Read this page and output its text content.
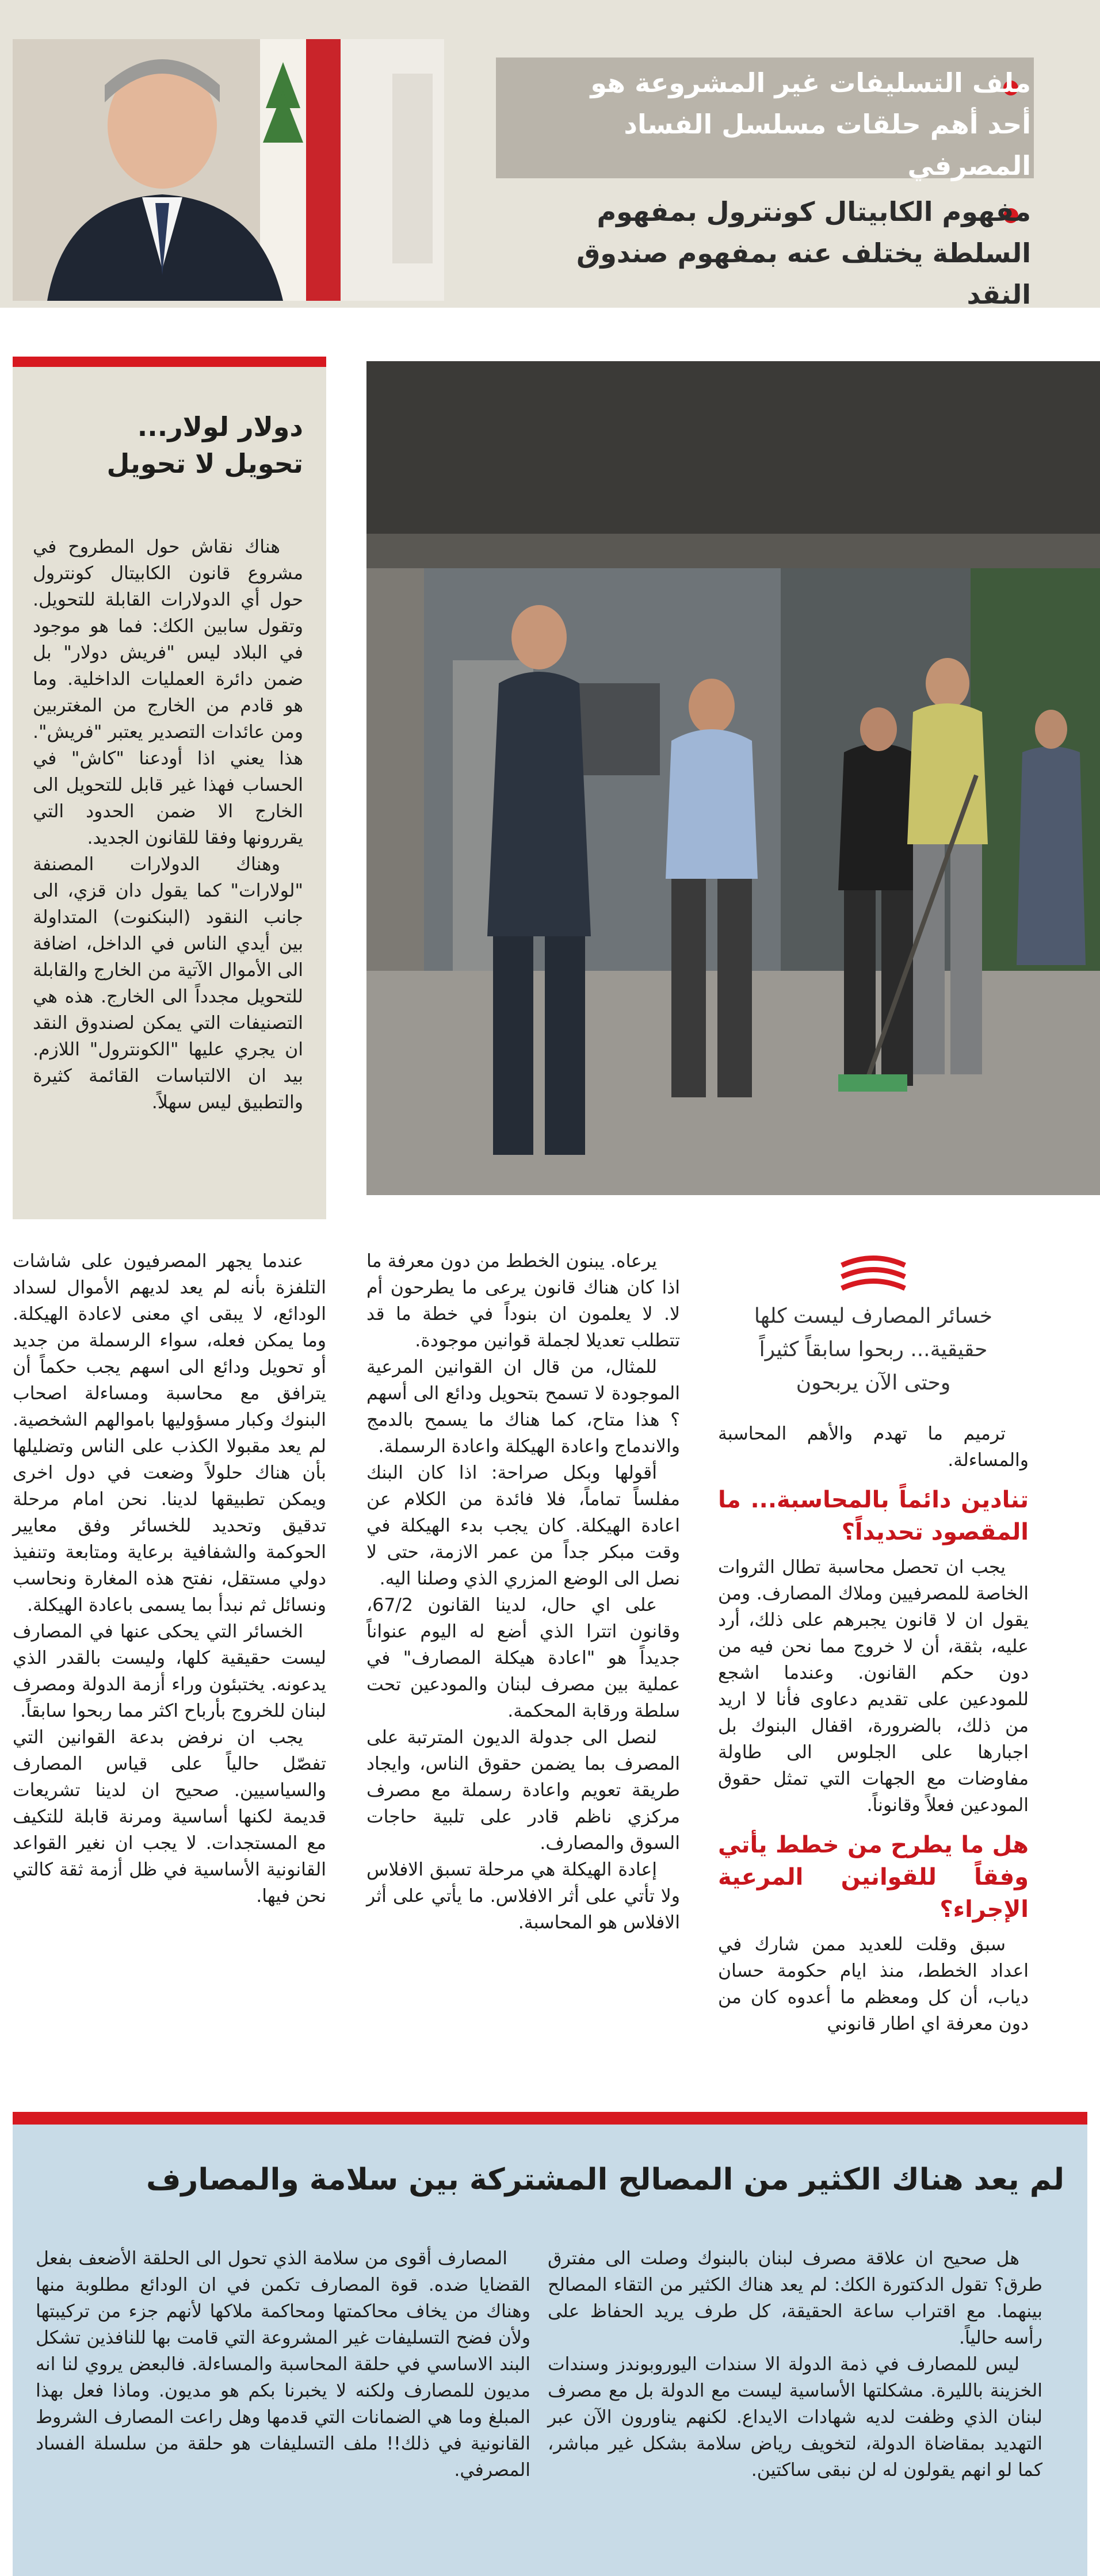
ملف التسليفات غير المشروعة هو أحد أهم حلقات مسلسل الفساد المصرفي
مفهوم الكابيتال كونترول بمفهوم السلطة يختلف عنه بمفهوم صندوق النقد
دولار لولار...
تحويل لا تحويل

هناك نقاش حول المطروح في مشروع قانون الكابيتال كونترول حول أي الدولارات القابلة للتحويل. وتقول سابين الكك: فما هو موجود في البلاد ليس "فريش دولار" بل ضمن دائرة العمليات الداخلية. وما هو قادم من الخارج من المغتربين ومن عائدات التصدير يعتبر "فريش". هذا يعني اذا أودعنا "كاش" في الحساب فهذا غير قابل للتحويل الى الخارج الا ضمن الحدود التي يقررونها وفقا للقانون الجديد.

وهناك الدولارات المصنفة "لولارات" كما يقول دان قزي، الى جانب النقود (البنكنوت) المتداولة بين أيدي الناس في الداخل، اضافة الى الأموال الآتية من الخارج والقابلة للتحويل مجدداً الى الخارج. هذه هي التصنيفات التي يمكن لصندوق النقد ان يجري عليها "الكونترول" اللازم. بيد ان الالتباسات القائمة كثيرة والتطبيق ليس سهلاً.

خسائر المصارف ليست كلها
حقيقية... ربحوا سابقاً كثيراً
وحتى الآن يربحون

ترميم ما تهدم والأهم المحاسبة والمساءلة.

تنادين دائماً بالمحاسبة... ما المقصود تحديداً؟

يجب ان تحصل محاسبة تطال الثروات الخاصة للمصرفيين وملاك المصارف. ومن يقول ان لا قانون يجبرهم على ذلك، أرد عليه، بثقة، أن لا خروج مما نحن فيه من دون حكم القانون. وعندما اشجع للمودعين على تقديم دعاوى فأنا لا اريد من ذلك، بالضرورة، اقفال البنوك بل اجبارها على الجلوس الى طاولة مفاوضات مع الجهات التي تمثل حقوق المودعين فعلاً وقانوناً.

هل ما يطرح من خطط يأتي وفقاً للقوانين المرعية الإجراء؟

سبق وقلت للعديد ممن شارك في اعداد الخطط، منذ ايام حكومة حسان دياب، أن كل ومعظم ما أعدوه كان من دون معرفة اي اطار قانوني

يرعاه. يبنون الخطط من دون معرفة ما اذا كان هناك قانون يرعى ما يطرحون أم لا. لا يعلمون ان بنوداً في خطة ما قد تتطلب تعديلا لجملة قوانين موجودة.

للمثال، من قال ان القوانين المرعية الموجودة لا تسمح بتحويل ودائع الى أسهم ؟ هذا متاح، كما هناك ما يسمح بالدمج والاندماج واعادة الهيكلة واعادة الرسملة.

أقولها وبكل صراحة: اذا كان البنك مفلساً تماماً، فلا فائدة من الكلام عن اعادة الهيكلة. كان يجب بدء الهيكلة في وقت مبكر جداً من عمر الازمة، حتى لا نصل الى الوضع المزري الذي وصلنا اليه.

على اي حال، لدينا القانون 67/2، وقانون اتترا الذي أضع له اليوم عنواناً جديداً هو "اعادة هيكلة المصارف" في عملية بين مصرف لبنان والمودعين تحت سلطة ورقابة المحكمة.

لنصل الى جدولة الديون المترتبة على المصرف بما يضمن حقوق الناس، وايجاد طريقة تعويم واعادة رسملة مع مصرف مركزي ناظم قادر على تلبية حاجات السوق والمصارف.

إعادة الهيكلة هي مرحلة تسبق الافلاس ولا تأتي على أثر الافلاس. ما يأتي على أثر الافلاس هو المحاسبة.

عندما يجهر المصرفيون على شاشات التلفزة بأنه لم يعد لديهم الأموال لسداد الودائع، لا يبقى اي معنى لاعادة الهيكلة. وما يمكن فعله، سواء الرسملة من جديد أو تحويل ودائع الى اسهم يجب حكماً أن يترافق مع محاسبة ومساءلة اصحاب البنوك وكبار مسؤوليها باموالهم الشخصية. لم يعد مقبولا الكذب على الناس وتضليلها بأن هناك حلولاً وضعت في دول اخرى ويمكن تطبيقها لدينا. نحن امام مرحلة تدقيق وتحديد للخسائر وفق معايير الحوكمة والشفافية برعاية ومتابعة وتنفيذ دولي مستقل، نفتح هذه المغارة ونحاسب ونسائل ثم نبدأ بما يسمى باعادة الهيكلة.

الخسائر التي يحكى عنها في المصارف ليست حقيقية كلها، وليست بالقدر الذي يدعونه. يختبئون وراء أزمة الدولة ومصرف لبنان للخروج بأرباح اكثر مما ربحوا سابقاً.

يجب ان نرفض بدعة القوانين التي تفصّل حالياً على قياس المصارف والسياسيين. صحيح ان لدينا تشريعات قديمة لكنها أساسية ومرنة قابلة للتكيف مع المستجدات. لا يجب ان نغير القواعد القانونية الأساسية في ظل أزمة ثقة كالتي نحن فيها.

لم يعد هناك الكثير من المصالح المشتركة بين سلامة والمصارف

هل صحيح ان علاقة مصرف لبنان بالبنوك وصلت الى مفترق طرق؟ تقول الدكتورة الكك: لم يعد هناك الكثير من التقاء المصالح بينهما. مع اقتراب ساعة الحقيقة، كل طرف يريد الحفاظ على رأسه حالياً.

ليس للمصارف في ذمة الدولة الا سندات اليوروبوندز وسندات الخزينة بالليرة. مشكلتها الأساسية ليست مع الدولة بل مع مصرف لبنان الذي وظفت لديه شهادات الايداع. لكنهم يناورون الآن عبر التهديد بمقاضاة الدولة، لتخويف رياض سلامة بشكل غير مباشر، كما لو انهم يقولون له لن نبقى ساكتين.

المصارف أقوى من سلامة الذي تحول الى الحلقة الأضعف بفعل القضايا ضده. قوة المصارف تكمن في ان الودائع مطلوبة منها وهناك من يخاف محاكمتها ومحاكمة ملاكها لأنهم جزء من تركيبتها ولأن فضح التسليفات غير المشروعة التي قامت بها للنافذين تشكل البند الاساسي في حلقة المحاسبة والمساءلة. فالبعض يروي لنا انه مديون للمصارف ولكنه لا يخبرنا بكم هو مديون. وماذا فعل بهذا المبلغ وما هي الضمانات التي قدمها وهل راعت المصارف الشروط القانونية في ذلك!! ملف التسليفات هو حلقة من سلسلة الفساد المصرفي.
